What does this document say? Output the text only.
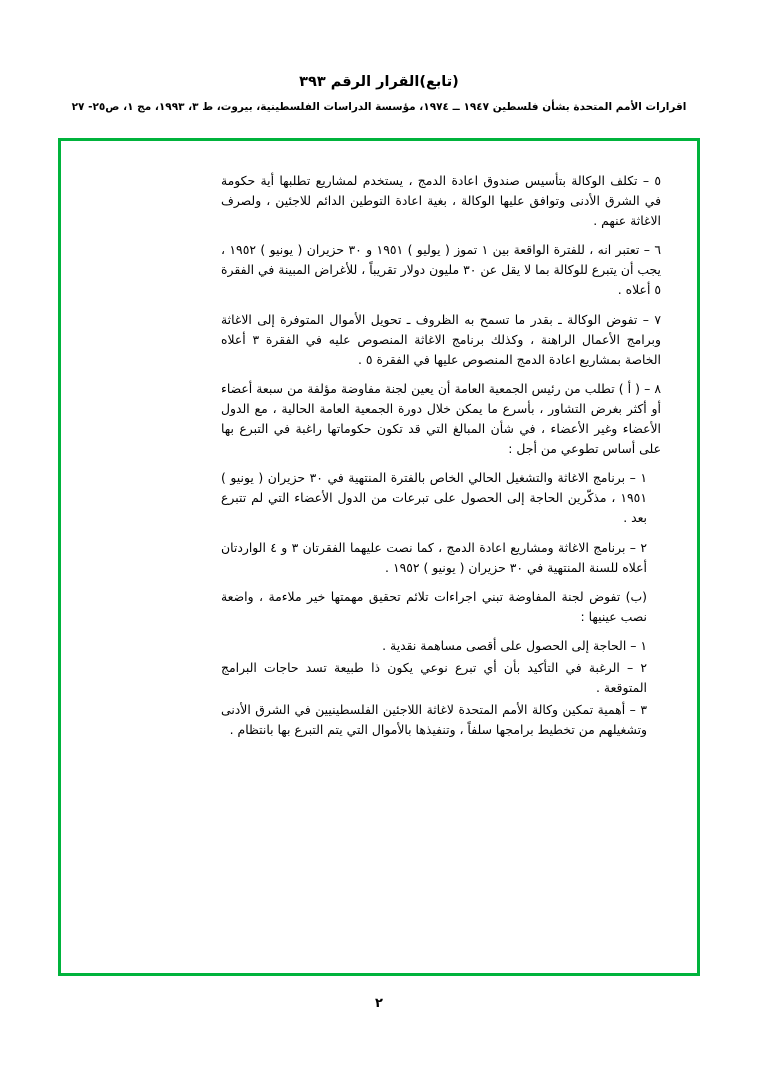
(تابع)القرار الرقم ٣٩٣
اقرارات الأمم المتحدة بشأن فلسطين ١٩٤٧ ــ ١٩٧٤، مؤسسة الدراسات الفلسطينية، بيروت، ط ٣، ١٩٩٣، مج ١، ص٢٥- ٢٧

٥ – تكلف الوكالة بتأسيس صندوق اعادة الدمج ، يستخدم لمشاريع تطلبها أية حكومة في الشرق الأدنى وتوافق عليها الوكالة ، بغية اعادة التوطين الدائم للاجئين ، ولصرف الاغاثة عنهم .

٦ – تعتبر انه ، للفترة الواقعة بين ١ تموز ( يوليو ) ١٩٥١ و ٣٠ حزيران ( يونيو ) ١٩٥٢ ، يجب أن يتبرع للوكالة بما لا يقل عن ٣٠ مليون دولار تقريباً ، للأغراض المبينة في الفقرة ٥ أعلاه .

٧ – تفوض الوكالة ـ بقدر ما تسمح به الظروف ـ تحويل الأموال المتوفرة إلى الاغاثة وبرامج الأعمال الراهنة ، وكذلك برنامج الاغاثة المنصوص عليه في الفقرة ٣ أعلاه الخاصة بمشاريع اعادة الدمج المنصوص عليها في الفقرة ٥ .

٨ – ( أ ) تطلب من رئيس الجمعية العامة أن يعين لجنة مفاوضة مؤلفة من سبعة أعضاء أو أكثر بغرض التشاور ، بأسرع ما يمكن خلال دورة الجمعية العامة الحالية ، مع الدول الأعضاء وغير الأعضاء ، في شأن المبالغ التي قد تكون حكوماتها راغبة في التبرع بها على أساس تطوعي من أجل :

١ – برنامج الاغاثة والتشغيل الحالي الخاص بالفترة المنتهية في ٣٠ حزيران ( يونيو ) ١٩٥١ ، مذكّرين الحاجة إلى الحصول على تبرعات من الدول الأعضاء التي لم تتبرع بعد .

٢ – برنامج الاغاثة ومشاريع اعادة الدمج ، كما نصت عليهما الفقرتان ٣ و ٤ الواردتان أعلاه للسنة المنتهية في ٣٠ حزيران ( يونيو ) ١٩٥٢ .

(ب) تفوض لجنة المفاوضة تبني اجراءات تلائم تحقيق مهمتها خير ملاءمة ، واضعة نصب عينيها :

١ – الحاجة إلى الحصول على أقصى مساهمة نقدية .

٢ – الرغبة في التأكيد بأن أي تبرع نوعي يكون ذا طبيعة تسد حاجات البرامج المتوقعة .

٣ – أهمية تمكين وكالة الأمم المتحدة لاغاثة اللاجئين الفلسطينيين في الشرق الأدنى وتشغيلهم من تخطيط برامجها سلفاً ، وتنفيذها بالأموال التي يتم التبرع بها بانتظام .

٢
